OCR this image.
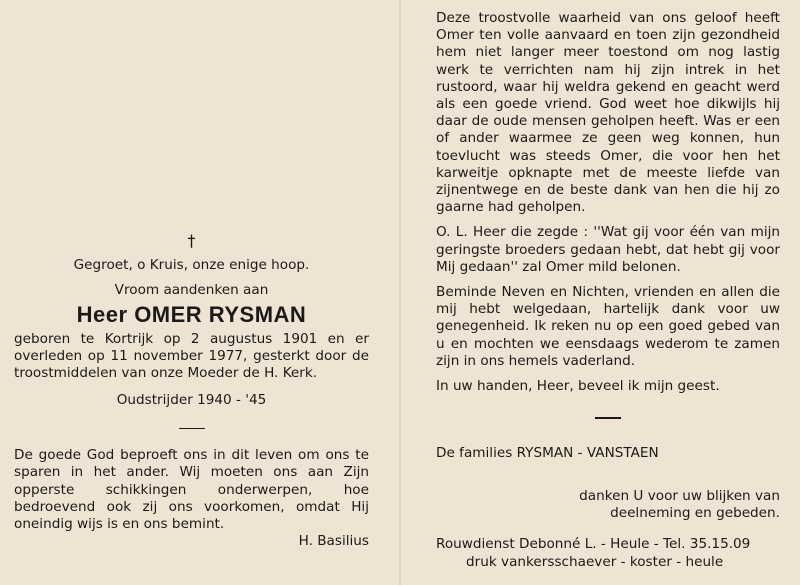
†
Gegroet, o Kruis, onze enige hoop.
Vroom aandenken aan
Heer OMER RYSMAN
geboren te Kortrijk op 2 augustus 1901 en er overleden op 11 november 1977, gesterkt door de troostmiddelen van onze Moeder de H. Kerk.
Oudstrijder 1940 - '45
De goede God beproeft ons in dit leven om ons te sparen in het ander. Wij moeten ons aan Zijn opperste schikkingen onderwerpen, hoe bedroevend ook zij ons voorkomen, omdat Hij oneindig wijs is en ons bemint.
H. Basilius
Deze troostvolle waarheid van ons geloof heeft Omer ten volle aanvaard en toen zijn gezondheid hem niet langer meer toestond om nog lastig werk te verrichten nam hij zijn intrek in het rustoord, waar hij weldra gekend en geacht werd als een goede vriend. God weet hoe dikwijls hij daar de oude mensen geholpen heeft. Was er een of ander waarmee ze geen weg konnen, hun toevlucht was steeds Omer, die voor hen het karweitje opknapte met de meeste liefde van zijnentwege en de beste dank van hen die hij zo gaarne had geholpen.
O. L. Heer die zegde : ''Wat gij voor één van mijn geringste broeders gedaan hebt, dat hebt gij voor Mij gedaan'' zal Omer mild belonen.
Beminde Neven en Nichten, vrienden en allen die mij hebt welgedaan, hartelijk dank voor uw genegenheid. Ik reken nu op een goed gebed van u en mochten we eensdaags wederom te zamen zijn in ons hemels vaderland.
In uw handen, Heer, beveel ik mijn geest.
De families RYSMAN - VANSTAEN
danken U voor uw blijken van deelneming en gebeden.
Rouwdienst Debonné L. - Heule - Tel. 35.15.09
druk vankersschaever - koster - heule
